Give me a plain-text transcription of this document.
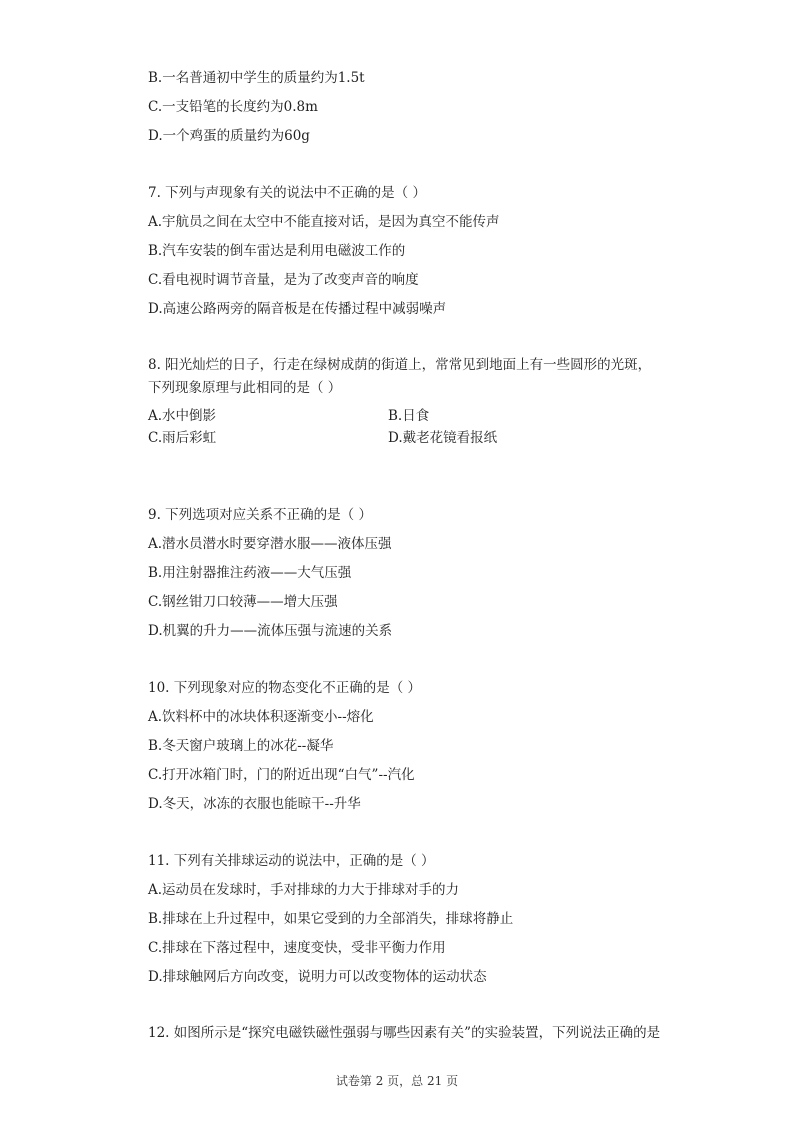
B.一名普通初中学生的质量约为1.5t
C.一支铅笔的长度约为0.8m
D.一个鸡蛋的质量约为60g
7. 下列与声现象有关的说法中不正确的是（ ）
A.宇航员之间在太空中不能直接对话，是因为真空不能传声
B.汽车安装的倒车雷达是利用电磁波工作的
C.看电视时调节音量，是为了改变声音的响度
D.高速公路两旁的隔音板是在传播过程中减弱噪声
8. 阳光灿烂的日子，行走在绿树成荫的街道上，常常见到地面上有一些圆形的光斑，
下列现象原理与此相同的是（ ）
A.水中倒影	B.日食
C.雨后彩虹	D.戴老花镜看报纸
9. 下列选项对应关系不正确的是（ ）
A.潜水员潜水时要穿潜水服——液体压强
B.用注射器推注药液——大气压强
C.钢丝钳刀口较薄——增大压强
D.机翼的升力——流体压强与流速的关系
10. 下列现象对应的物态变化不正确的是（ ）
A.饮料杯中的冰块体积逐渐变小--熔化
B.冬天窗户玻璃上的冰花--凝华
C.打开冰箱门时，门的附近出现“白气”--汽化
D.冬天，冰冻的衣服也能晾干--升华
11. 下列有关排球运动的说法中，正确的是（ ）
A.运动员在发球时，手对排球的力大于排球对手的力
B.排球在上升过程中，如果它受到的力全部消失，排球将静止
C.排球在下落过程中，速度变快，受非平衡力作用
D.排球触网后方向改变，说明力可以改变物体的运动状态
12. 如图所示是“探究电磁铁磁性强弱与哪些因素有关”的实验装置，下列说法正确的是
试卷第 2 页，总 21 页
